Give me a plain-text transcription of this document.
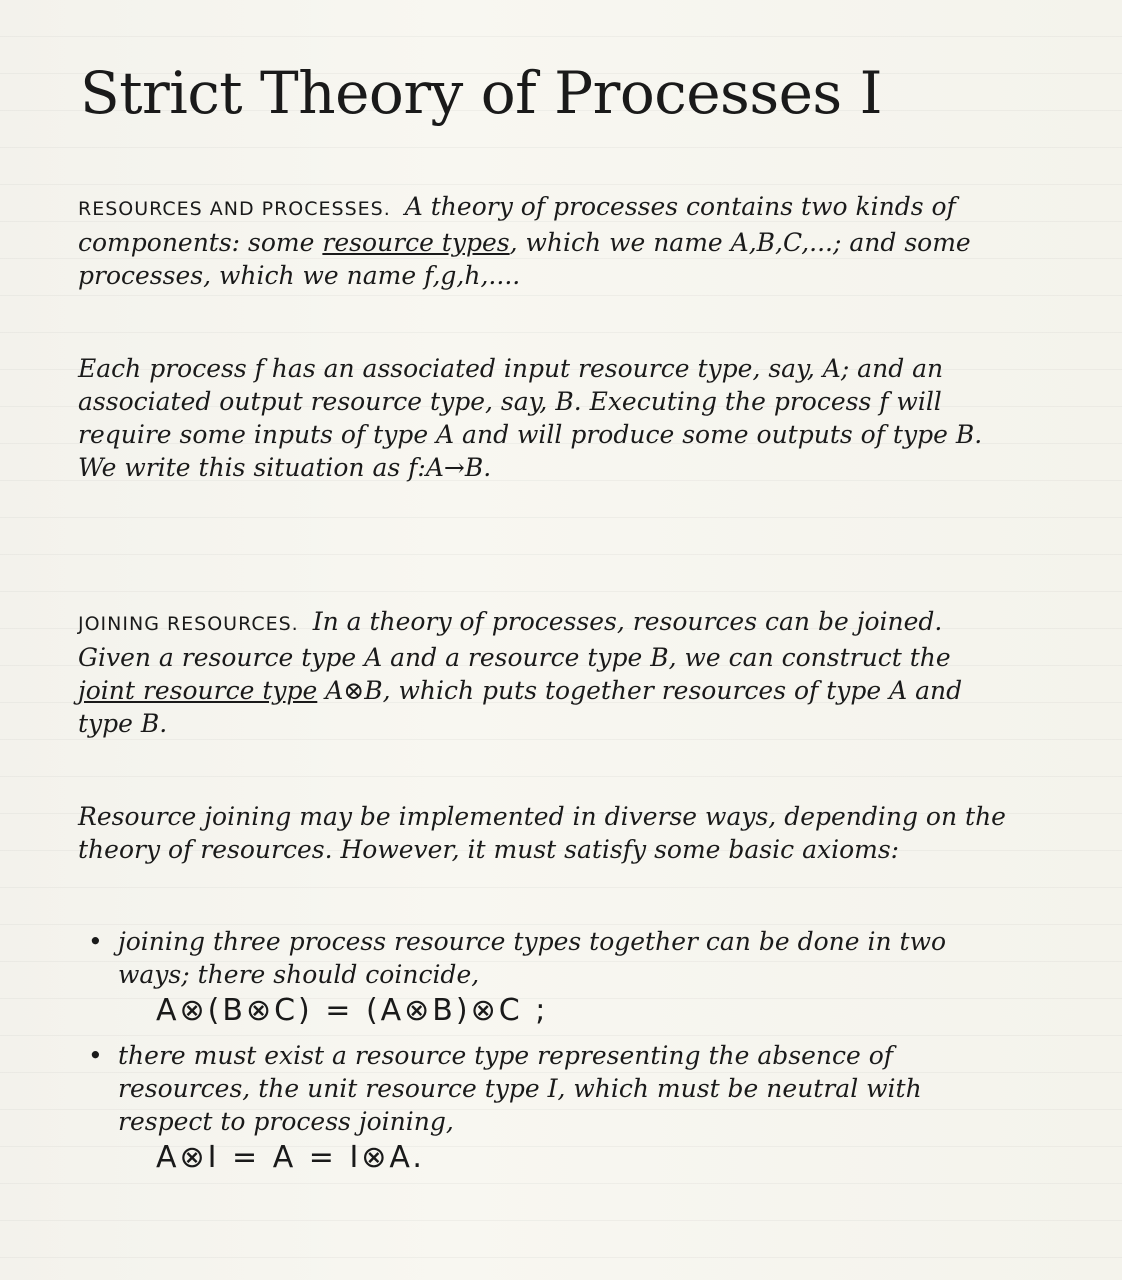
Strict Theory of Processes I

RESOURCES AND PROCESSES. A theory of processes contains two kinds of components: some resource types, which we name A,B,C,...; and some processes, which we name f,g,h,....

Each process f has an associated input resource type, say, A; and an associated output resource type, say, B. Executing the process f will require some inputs of type A and will produce some outputs of type B. We write this situation as f:A→B.

JOINING RESOURCES. In a theory of processes, resources can be joined. Given a resource type A and a resource type B, we can construct the joint resource type A⊗B, which puts together resources of type A and type B.

Resource joining may be implemented in diverse ways, depending on the theory of resources. However, it must satisfy some basic axioms:

• joining three process resource types together can be done in two ways; there should coincide,
A⊗(B⊗C) = (A⊗B)⊗C ;
• there must exist a resource type representing the absence of resources, the unit resource type I, which must be neutral with respect to process joining,
A⊗I = A = I⊗A.
